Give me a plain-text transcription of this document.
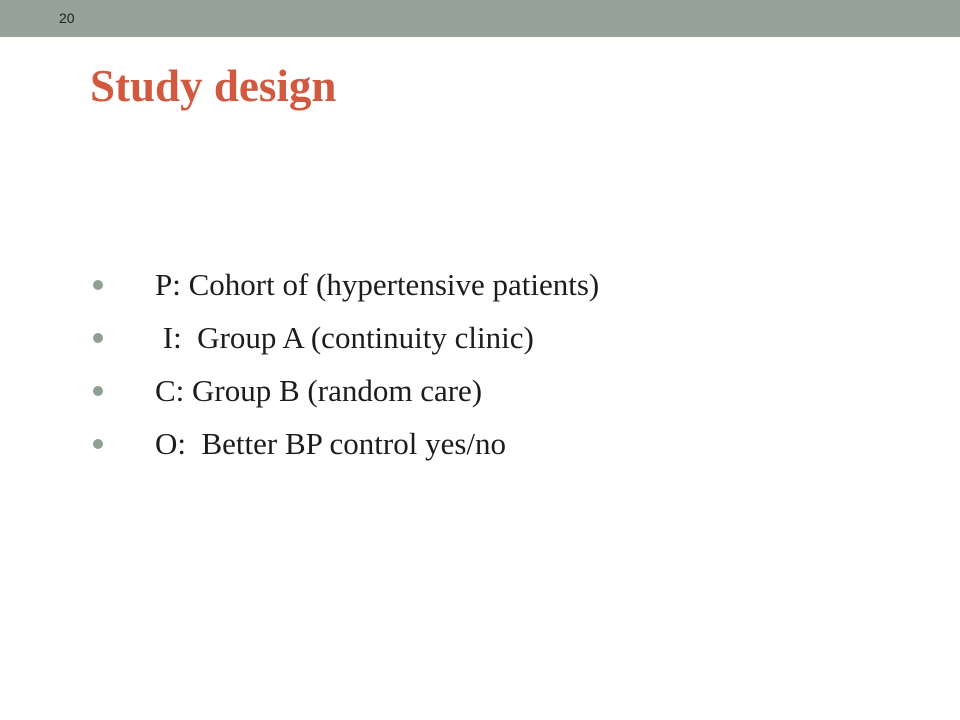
20
Study design
P: Cohort of (hypertensive patients)
I:  Group A (continuity clinic)
C: Group B (random care)
O:  Better BP control yes/no
